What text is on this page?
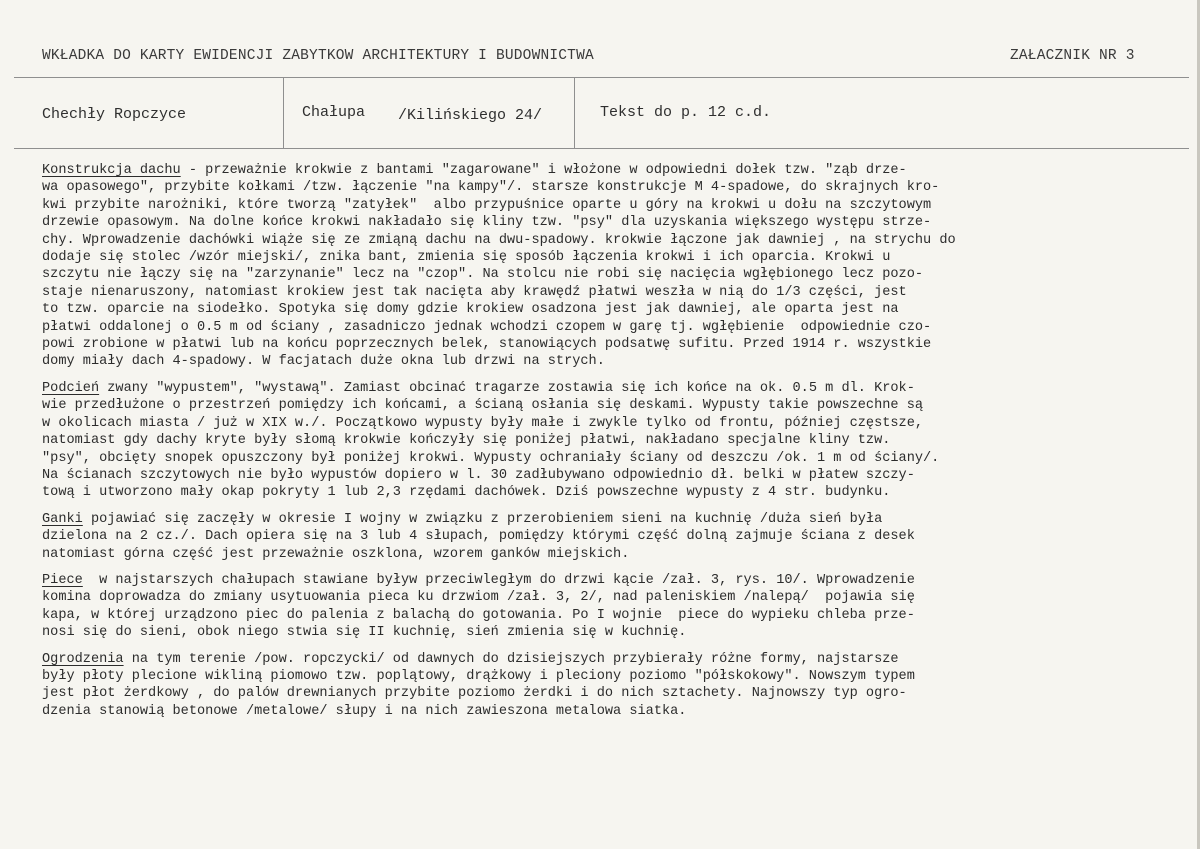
WKŁADKA DO KARTY EWIDENCJI ZABYTKOW ARCHITEKTURY I BUDOWNICTWA	ZAŁACZNIK NR 3
Chechły Ropczyce	Chałupa /Kilińskiego 24/	Tekst do p. 12 c.d.
Konstrukcja dachu - przeważnie krokwie z bantami "zagarowane" i włożone w odpowiedni dołek tzw. "ząb drze-
wa opasowego", przybite kołkami /tzw. łączenie "na kampy"/. starsze konstrukcje M 4-spadowe, do skrajnych kro-
kwi przybite narożniki, które tworzą "zatyłek"  albo przypuśnice oparte u góry na krokwi u dołu na szczytowym
drzewie opasowym. Na dolne końce krokwi nakładało się kliny tzw. "psy" dla uzyskania większego występu strze-
chy. Wprowadzenie dachówki wiąże się ze zmiąną dachu na dwu-spadowy. krokwie łączone jak dawniej , na strychu do
dodaje się stolec /wzór miejski/, znika bant, zmienia się sposób łączenia krokwi i ich oparcia. Krokwi u
szczytu nie łączy się na "zarzynanie" lecz na "czop". Na stolcu nie robi się nacięcia wgłębionego lecz pozo-
staje nienaruszony, natomiast krokiew jest tak nacięta aby krawędź płatwi weszła w nią do 1/3 części, jest
to tzw. oparcie na siodełko. Spotyka się domy gdzie krokiew osadzona jest jak dawniej, ale oparta jest na
płatwi oddalonej o 0.5 m od ściany , zasadniczo jednak wchodzi czopem w garę tj. wgłębienie  odpowiednie czo-
powi zrobione w płatwi lub na końcu poprzecznych belek, stanowiących podsatwę sufitu. Przed 1914 r. wszystkie
domy miały dach 4-spadowy. W facjatach duże okna lub drzwi na strych.
Podcień zwany "wypustem", "wystawą". Zamiast obcinać tragarze zostawia się ich końce na ok. 0.5 m dl. Krok-
wie przedłużone o przestrzeń pomiędzy ich końcami, a ścianą osłania się deskami. Wypusty takie powszechne są
w okolicach miasta / już w XIX w./. Początkowo wypusty były małe i zwykle tylko od frontu, później częstsze,
natomiast gdy dachy kryte były słomą krokwie kończyły się poniżej płatwi, nakładano specjalne kliny tzw.
"psy", obcięty snopek opuszczony był poniżej krokwi. Wypusty ochraniały ściany od deszczu /ok. 1 m od ściany/.
Na ścianach szczytowych nie było wypustów dopiero w l. 30 zadłubywano odpowiednio dł. belki w płatew szczy-
tową i utworzono mały okap pokryty 1 lub 2,3 rzędami dachówek. Dziś powszechne wypusty z 4 str. budynku.
Ganki pojawiać się zaczęły w okresie I wojny w związku z przerobieniem sieni na kuchnię /duża sień była
dzielona na 2 cz./. Dach opiera się na 3 lub 4 słupach, pomiędzy którymi część dolną zajmuje ściana z desek
natomiast górna część jest przeważnie oszklona, wzorem ganków miejskich.
Piece  w najstarszych chałupach stawiane byływ przeciwległym do drzwi kącie /zał. 3, rys. 10/. Wprowadzenie
komina doprowadza do zmiany usytuowania pieca ku drzwiom /zał. 3, 2/, nad paleniskiem /nalepą/  pojawia się
kapa, w której urządzono piec do palenia z balachą do gotowania. Po I wojnie  piece do wypieku chleba prze-
nosi się do sieni, obok niego stwia się II kuchnię, sień zmienia się w kuchnię.
Ogrodzenia na tym terenie /pow. ropczycki/ od dawnych do dzisiejszych przybierały różne formy, najstarsze
były płoty plecione wikliną piomowo tzw. poplątowy, drążkowy i pleciony poziomo "półskokowy". Nowszym typem
jest płot żerdkowy , do palów drewnianych przybite poziomo żerdki i do nich sztachety. Najnowszy typ ogro-
dzenia stanowią betonowe /metalowe/ słupy i na nich zawieszona metalowa siatka.
